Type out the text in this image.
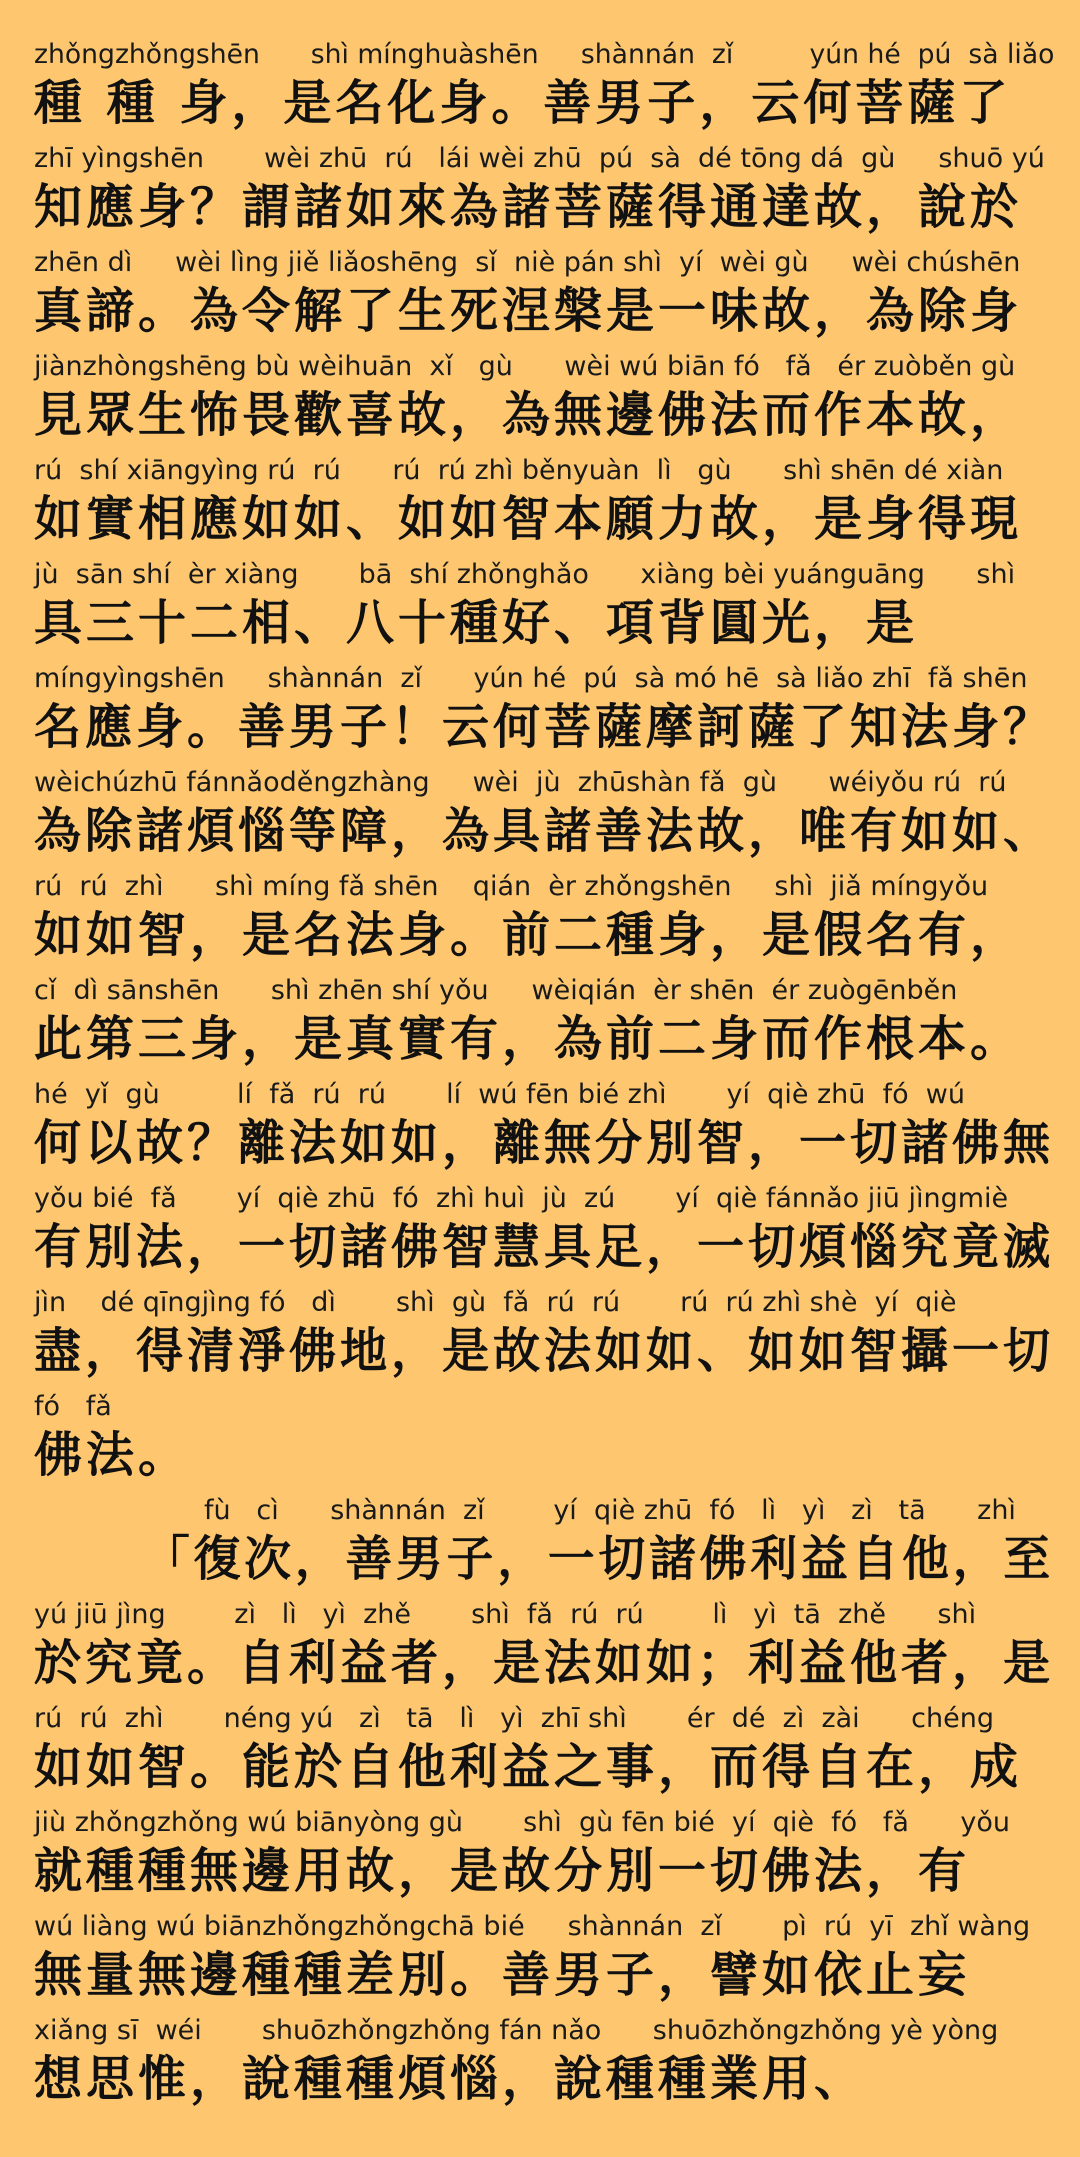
zhǒngzhǒngshēn      shì mínghuàshēn     shànnán  zǐ         yún hé  pú  sà liǎo
種 種 身，是名化身。善男子，云何菩薩了
zhī yìngshēn       wèi zhū  rú   lái wèi zhū  pú  sà  dé tōng dá  gù     shuō yú
知應身？謂諸如來為諸菩薩得通達故，說於
zhēn dì     wèi lìng jiě liǎoshēng  sǐ  niè pán shì  yí  wèi gù     wèi chúshēn
真諦。為令解了生死涅槃是一味故，為除身
jiànzhòngshēng bù wèihuān  xǐ   gù      wèi wú biān fó   fǎ   ér zuòběn gù
見眾生怖畏歡喜故，為無邊佛法而作本故，
rú  shí xiāngyìng rú  rú      rú  rú zhì běnyuàn  lì   gù      shì shēn dé xiàn
如實相應如如、如如智本願力故，是身得現
jù  sān shí  èr xiàng       bā  shí zhǒnghǎo      xiàng bèi yuánguāng      shì
具三十二相、八十種好、項背圓光，是
míngyìngshēn     shànnán  zǐ      yún hé  pú  sà mó hē  sà liǎo zhī  fǎ shēn
名應身。善男子！云何菩薩摩訶薩了知法身？
wèichúzhū fánnǎoděngzhàng     wèi  jù  zhūshàn fǎ  gù      wéiyǒu rú  rú
為除諸煩惱等障，為具諸善法故，唯有如如、
rú  rú  zhì      shì míng fǎ shēn    qián  èr zhǒngshēn     shì  jiǎ míngyǒu
如如智，是名法身。前二種身，是假名有，
cǐ  dì sānshēn      shì zhēn shí yǒu     wèiqián  èr shēn  ér zuògēnběn
此第三身，是真實有，為前二身而作根本。
hé  yǐ  gù         lí  fǎ  rú  rú       lí  wú fēn bié zhì       yí  qiè zhū  fó  wú
何以故？離法如如，離無分別智，一切諸佛無
yǒu bié  fǎ       yí  qiè zhū  fó  zhì huì  jù  zú       yí  qiè fánnǎo jiū jìngmiè
有別法，一切諸佛智慧具足，一切煩惱究竟滅
jìn    dé qīngjìng fó   dì       shì  gù  fǎ  rú  rú       rú  rú zhì shè  yí  qiè
盡，得清淨佛地，是故法如如、如如智攝一切
fó   fǎ
佛法。
fù   cì      shànnán  zǐ        yí  qiè zhū  fó   lì   yì   zì   tā      zhì
「復次，善男子，一切諸佛利益自他，至
yú jiū jìng        zì   lì   yì  zhě       shì  fǎ  rú  rú        lì   yì  tā  zhě      shì
於究竟。自利益者，是法如如；利益他者，是
rú  rú  zhì       néng yú   zì   tā   lì   yì  zhī shì       ér  dé  zì  zài      chéng
如如智。能於自他利益之事，而得自在，成
jiù zhǒngzhǒng wú biānyòng gù       shì  gù fēn bié  yí  qiè  fó   fǎ      yǒu
就種種無邊用故，是故分別一切佛法，有
wú liàng wú biānzhǒngzhǒngchā bié     shànnán  zǐ       pì  rú  yī  zhǐ wàng
無量無邊種種差別。善男子，譬如依止妄
xiǎng sī  wéi       shuōzhǒngzhǒng fán nǎo      shuōzhǒngzhǒng yè yòng
想思惟，說種種煩惱，說種種業用、
